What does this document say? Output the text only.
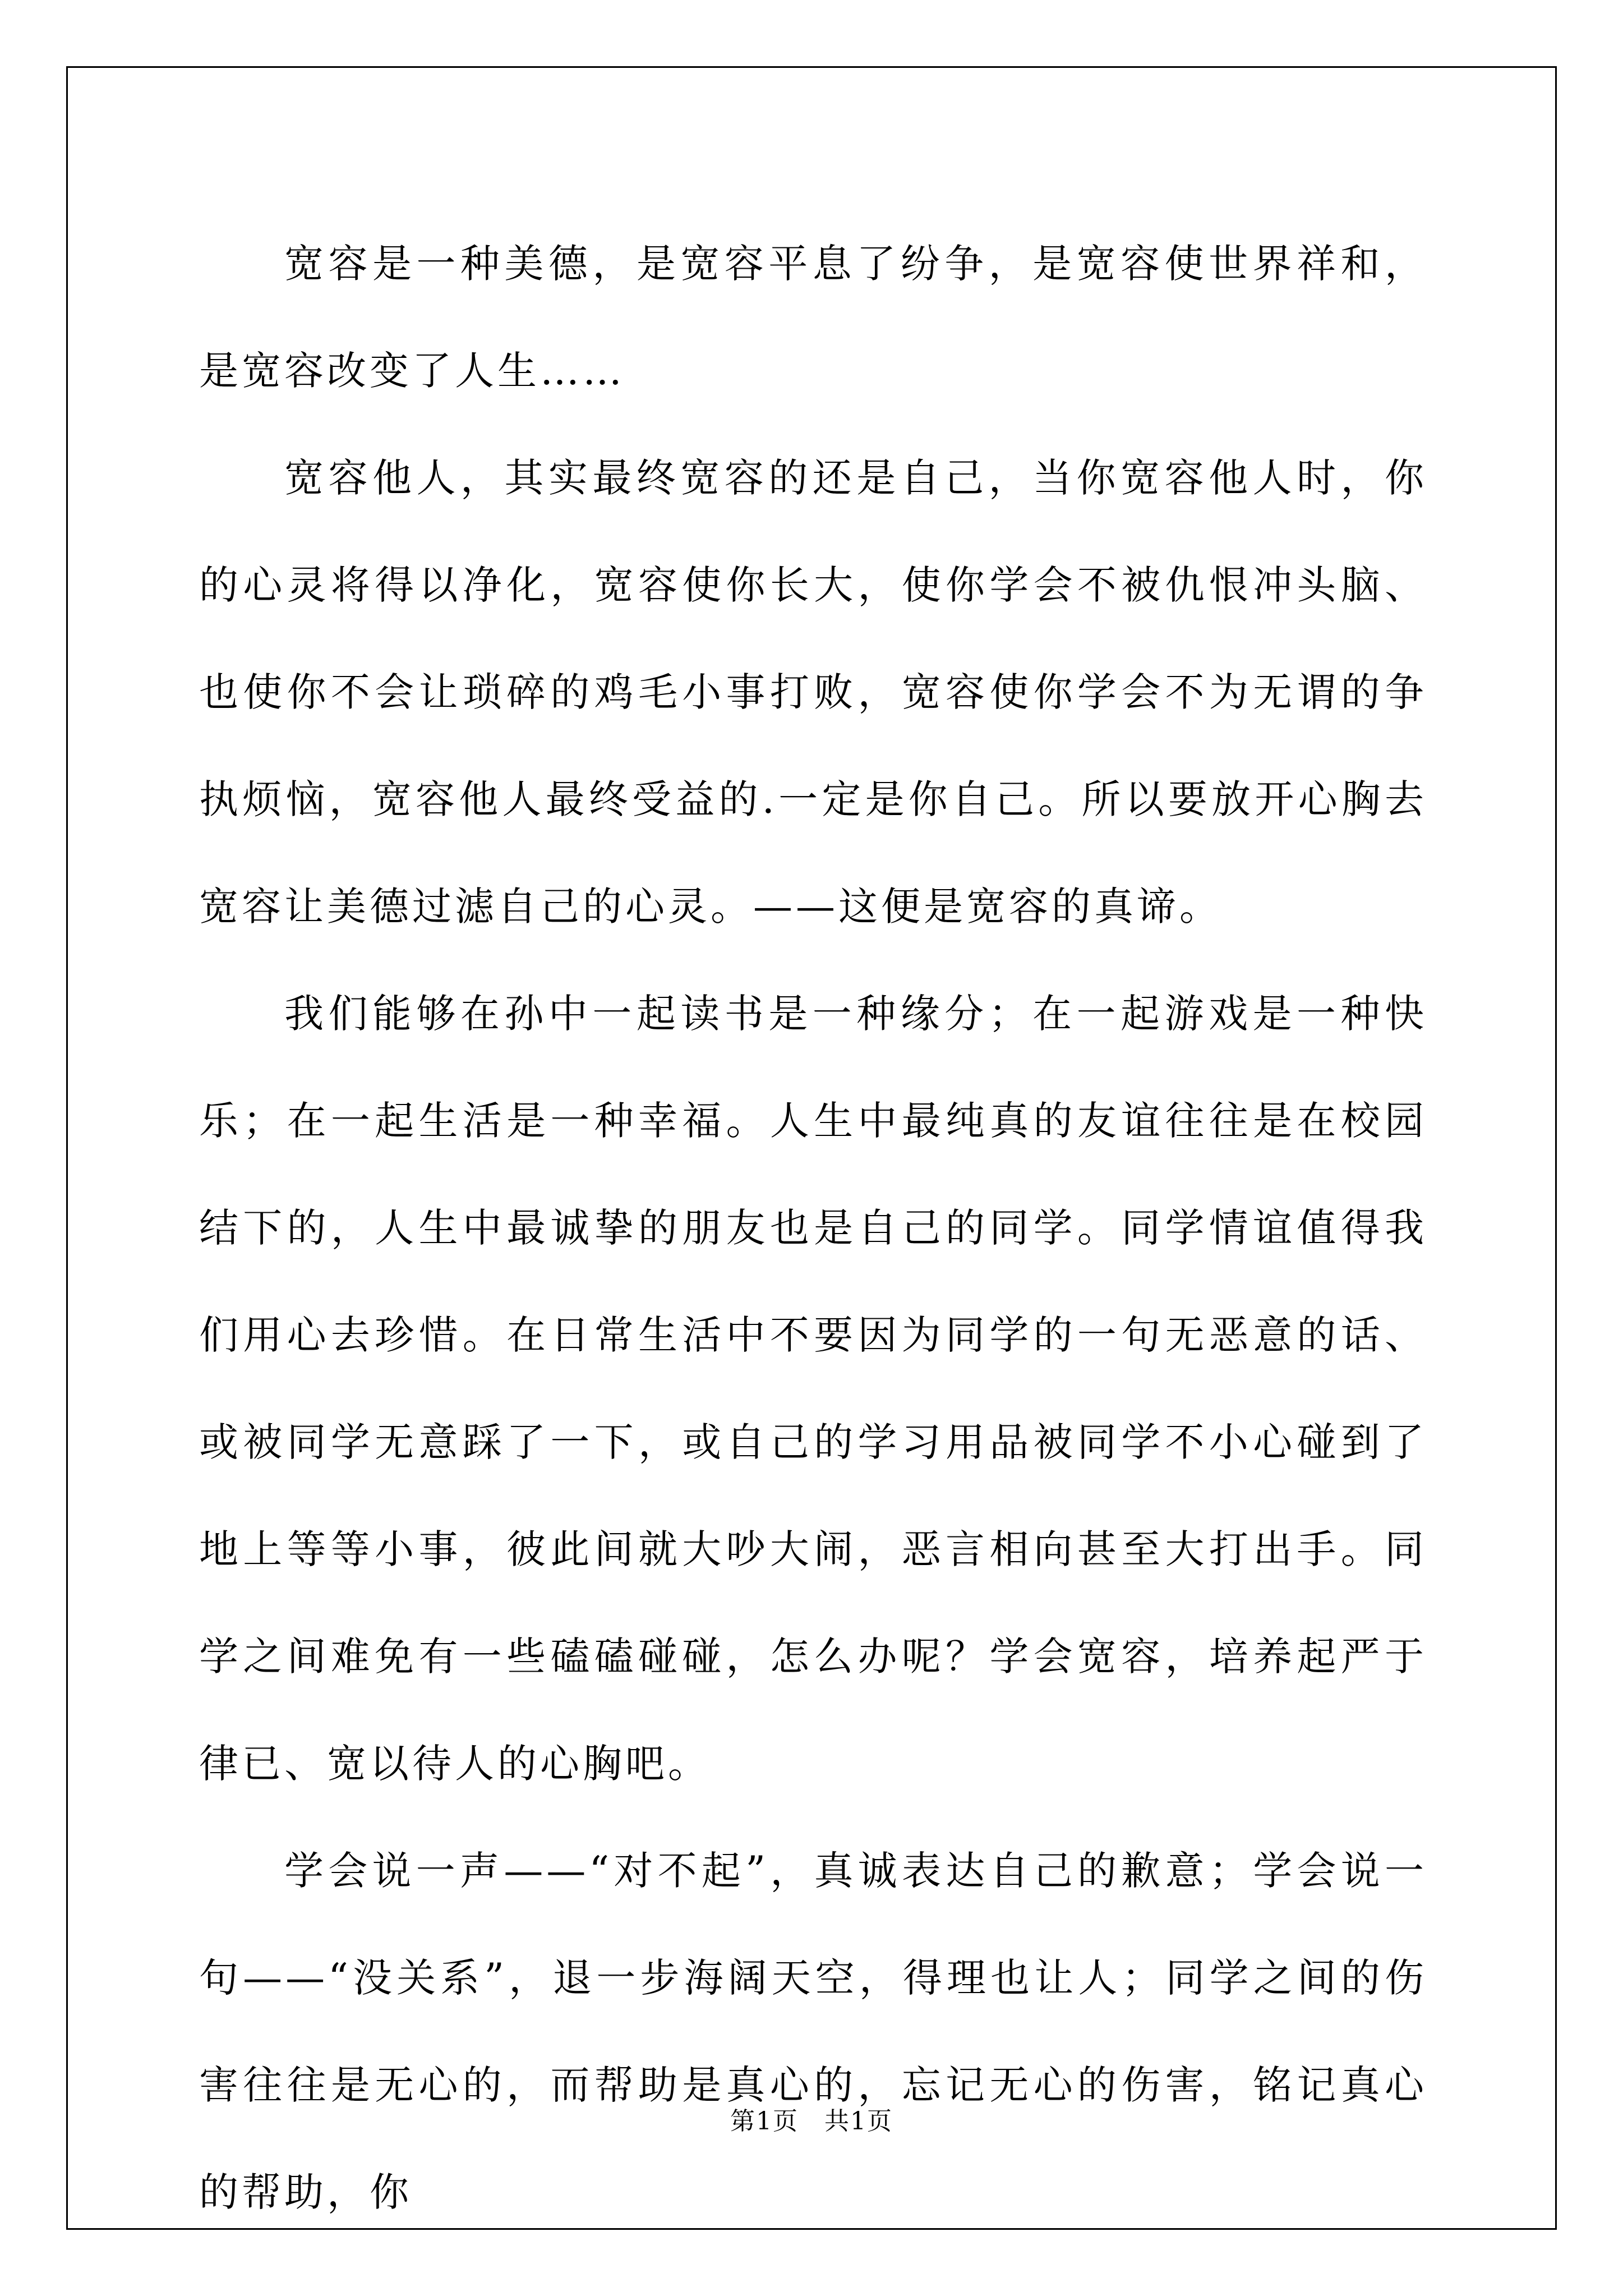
宽容是一种美德，是宽容平息了纷争，是宽容使世界祥和，是宽容改变了人生……

宽容他人，其实最终宽容的还是自己，当你宽容他人时，你的心灵将得以净化，宽容使你长大，使你学会不被仇恨冲头脑、也使你不会让琐碎的鸡毛小事打败，宽容使你学会不为无谓的争执烦恼，宽容他人最终受益的.一定是你自己。所以要放开心胸去宽容让美德过滤自己的心灵。——这便是宽容的真谛。

我们能够在孙中一起读书是一种缘分；在一起游戏是一种快乐；在一起生活是一种幸福。人生中最纯真的友谊往往是在校园结下的，人生中最诚挚的朋友也是自己的同学。同学情谊值得我们用心去珍惜。在日常生活中不要因为同学的一句无恶意的话、或被同学无意踩了一下，或自己的学习用品被同学不小心碰到了地上等等小事，彼此间就大吵大闹，恶言相向甚至大打出手。同学之间难免有一些磕磕碰碰，怎么办呢？学会宽容，培养起严于律已、宽以待人的心胸吧。

学会说一声——“对不起”，真诚表达自己的歉意；学会说一句——“没关系”，退一步海阔天空，得理也让人；同学之间的伤害往往是无心的，而帮助是真心的，忘记无心的伤害，铭记真心的帮助，你

第1页 共1页
